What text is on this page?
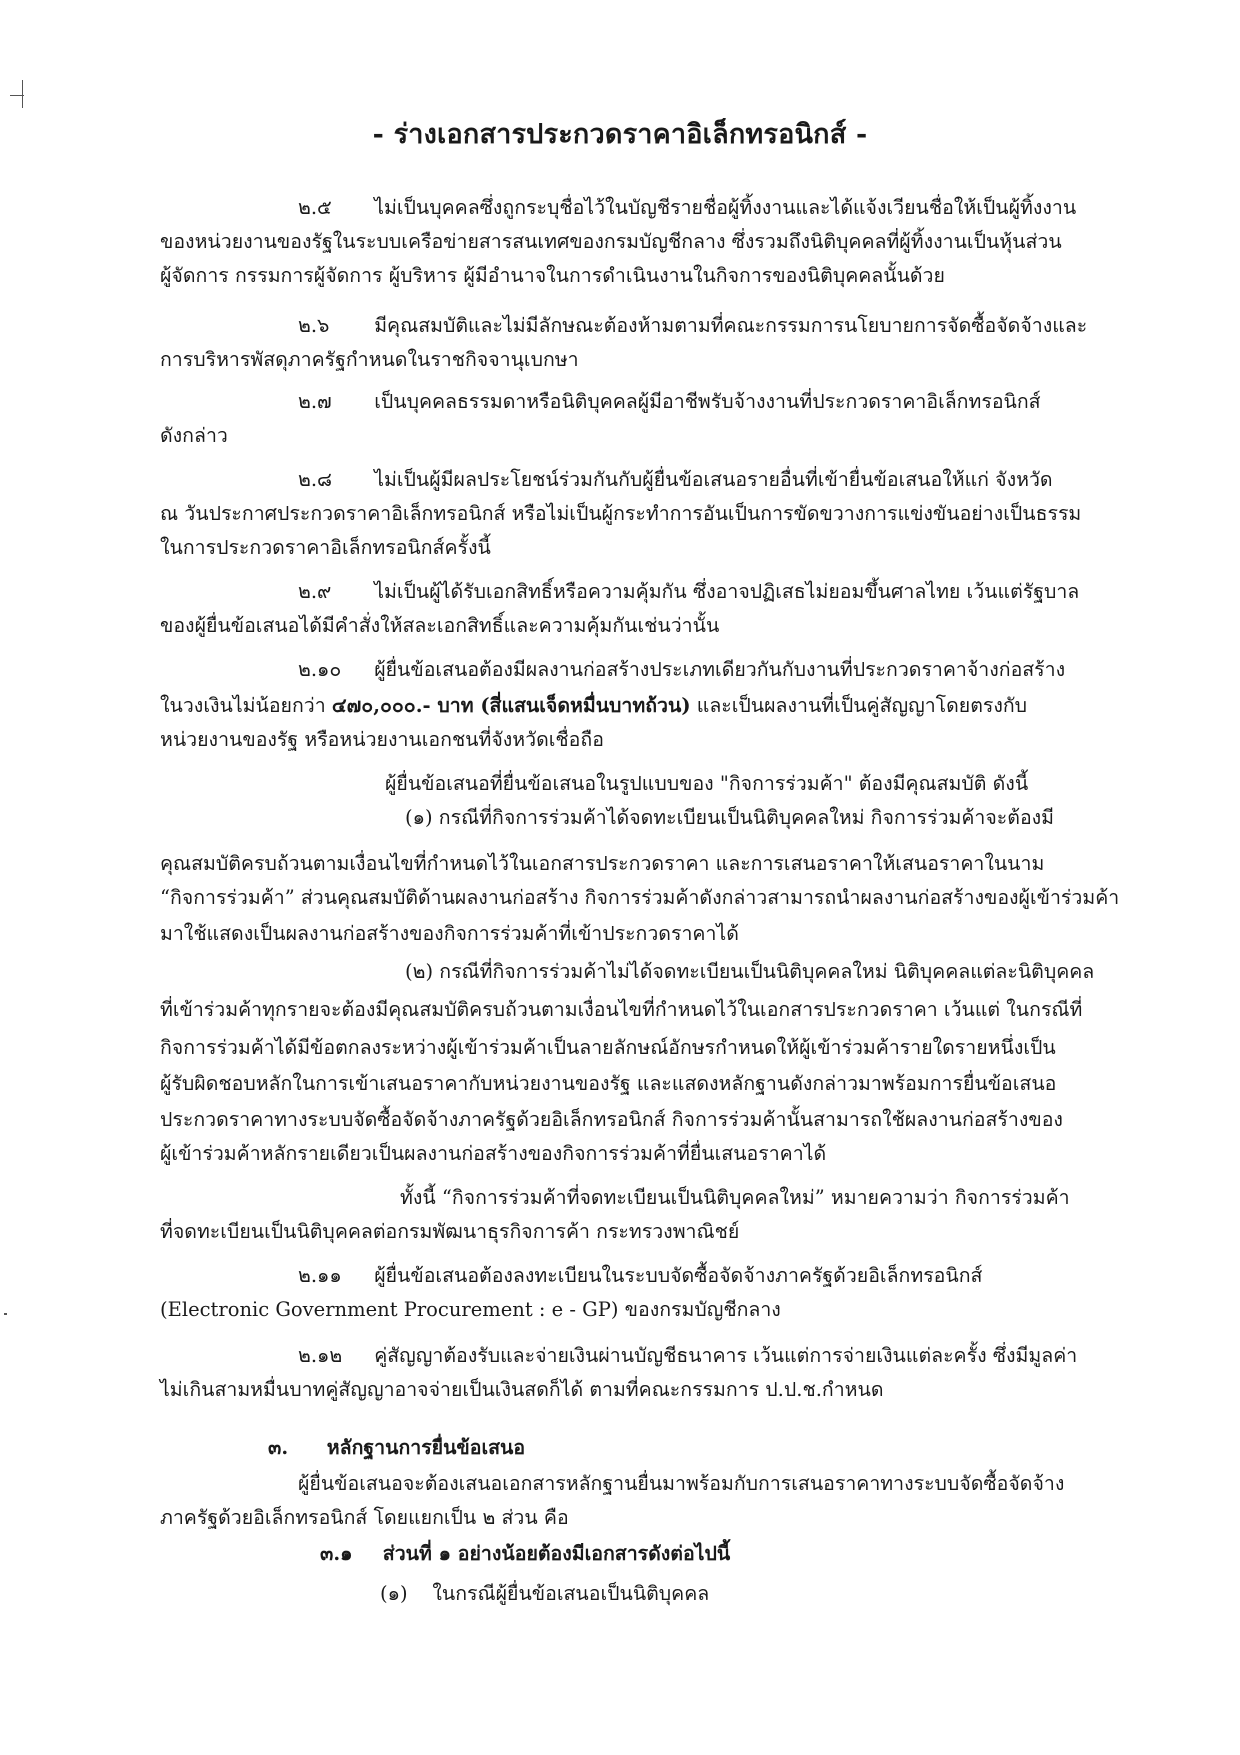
- ร่างเอกสารประกวดราคาอิเล็กทรอนิกส์ -
๒.๕ ไม่เป็นบุคคลซึ่งถูกระบุชื่อไว้ในบัญชีรายชื่อผู้ทิ้งงานและได้แจ้งเวียนชื่อให้เป็นผู้ทิ้งงาน
ของหน่วยงานของรัฐในระบบเครือข่ายสารสนเทศของกรมบัญชีกลาง ซึ่งรวมถึงนิติบุคคลที่ผู้ทิ้งงานเป็นหุ้นส่วน
ผู้จัดการ กรรมการผู้จัดการ ผู้บริหาร ผู้มีอำนาจในการดำเนินงานในกิจการของนิติบุคคลนั้นด้วย
๒.๖ มีคุณสมบัติและไม่มีลักษณะต้องห้ามตามที่คณะกรรมการนโยบายการจัดซื้อจัดจ้างและ
การบริหารพัสดุภาครัฐกำหนดในราชกิจจานุเบกษา
๒.๗ เป็นบุคคลธรรมดาหรือนิติบุคคลผู้มีอาชีพรับจ้างงานที่ประกวดราคาอิเล็กทรอนิกส์
ดังกล่าว
๒.๘ ไม่เป็นผู้มีผลประโยชน์ร่วมกันกับผู้ยื่นข้อเสนอรายอื่นที่เข้ายื่นข้อเสนอให้แก่ จังหวัด
ณ วันประกาศประกวดราคาอิเล็กทรอนิกส์ หรือไม่เป็นผู้กระทำการอันเป็นการขัดขวางการแข่งขันอย่างเป็นธรรม
ในการประกวดราคาอิเล็กทรอนิกส์ครั้งนี้
๒.๙ ไม่เป็นผู้ได้รับเอกสิทธิ์หรือความคุ้มกัน ซึ่งอาจปฏิเสธไม่ยอมขึ้นศาลไทย เว้นแต่รัฐบาล
ของผู้ยื่นข้อเสนอได้มีคำสั่งให้สละเอกสิทธิ์และความคุ้มกันเช่นว่านั้น
๒.๑๐ ผู้ยื่นข้อเสนอต้องมีผลงานก่อสร้างประเภทเดียวกันกับงานที่ประกวดราคาจ้างก่อสร้าง
ในวงเงินไม่น้อยกว่า ๔๗๐,๐๐๐.- บาท (สี่แสนเจ็ดหมื่นบาทถ้วน) และเป็นผลงานที่เป็นคู่สัญญาโดยตรงกับ
หน่วยงานของรัฐ หรือหน่วยงานเอกชนที่จังหวัดเชื่อถือ
ผู้ยื่นข้อเสนอที่ยื่นข้อเสนอในรูปแบบของ "กิจการร่วมค้า" ต้องมีคุณสมบัติ ดังนี้
(๑) กรณีที่กิจการร่วมค้าได้จดทะเบียนเป็นนิติบุคคลใหม่ กิจการร่วมค้าจะต้องมี
คุณสมบัติครบถ้วนตามเงื่อนไขที่กำหนดไว้ในเอกสารประกวดราคา และการเสนอราคาให้เสนอราคาในนาม
“กิจการร่วมค้า” ส่วนคุณสมบัติด้านผลงานก่อสร้าง กิจการร่วมค้าดังกล่าวสามารถนำผลงานก่อสร้างของผู้เข้าร่วมค้า
มาใช้แสดงเป็นผลงานก่อสร้างของกิจการร่วมค้าที่เข้าประกวดราคาได้
(๒) กรณีที่กิจการร่วมค้าไม่ได้จดทะเบียนเป็นนิติบุคคลใหม่ นิติบุคคลแต่ละนิติบุคคล
ที่เข้าร่วมค้าทุกรายจะต้องมีคุณสมบัติครบถ้วนตามเงื่อนไขที่กำหนดไว้ในเอกสารประกวดราคา เว้นแต่ ในกรณีที่
กิจการร่วมค้าได้มีข้อตกลงระหว่างผู้เข้าร่วมค้าเป็นลายลักษณ์อักษรกำหนดให้ผู้เข้าร่วมค้ารายใดรายหนึ่งเป็น
ผู้รับผิดชอบหลักในการเข้าเสนอราคากับหน่วยงานของรัฐ และแสดงหลักฐานดังกล่าวมาพร้อมการยื่นข้อเสนอ
ประกวดราคาทางระบบจัดซื้อจัดจ้างภาครัฐด้วยอิเล็กทรอนิกส์ กิจการร่วมค้านั้นสามารถใช้ผลงานก่อสร้างของ
ผู้เข้าร่วมค้าหลักรายเดียวเป็นผลงานก่อสร้างของกิจการร่วมค้าที่ยื่นเสนอราคาได้
ทั้งนี้ “กิจการร่วมค้าที่จดทะเบียนเป็นนิติบุคคลใหม่” หมายความว่า กิจการร่วมค้า
ที่จดทะเบียนเป็นนิติบุคคลต่อกรมพัฒนาธุรกิจการค้า กระทรวงพาณิชย์
๒.๑๑ ผู้ยื่นข้อเสนอต้องลงทะเบียนในระบบจัดซื้อจัดจ้างภาครัฐด้วยอิเล็กทรอนิกส์
(Electronic Government Procurement : e - GP) ของกรมบัญชีกลาง
๒.๑๒ คู่สัญญาต้องรับและจ่ายเงินผ่านบัญชีธนาคาร เว้นแต่การจ่ายเงินแต่ละครั้ง ซึ่งมีมูลค่า
ไม่เกินสามหมื่นบาทคู่สัญญาอาจจ่ายเป็นเงินสดก็ได้ ตามที่คณะกรรมการ ป.ป.ช.กำหนด
๓. หลักฐานการยื่นข้อเสนอ
ผู้ยื่นข้อเสนอจะต้องเสนอเอกสารหลักฐานยื่นมาพร้อมกับการเสนอราคาทางระบบจัดซื้อจัดจ้าง
ภาครัฐด้วยอิเล็กทรอนิกส์ โดยแยกเป็น ๒ ส่วน คือ
๓.๑ ส่วนที่ ๑ อย่างน้อยต้องมีเอกสารดังต่อไปนี้
(๑)    ในกรณีผู้ยื่นข้อเสนอเป็นนิติบุคคล
